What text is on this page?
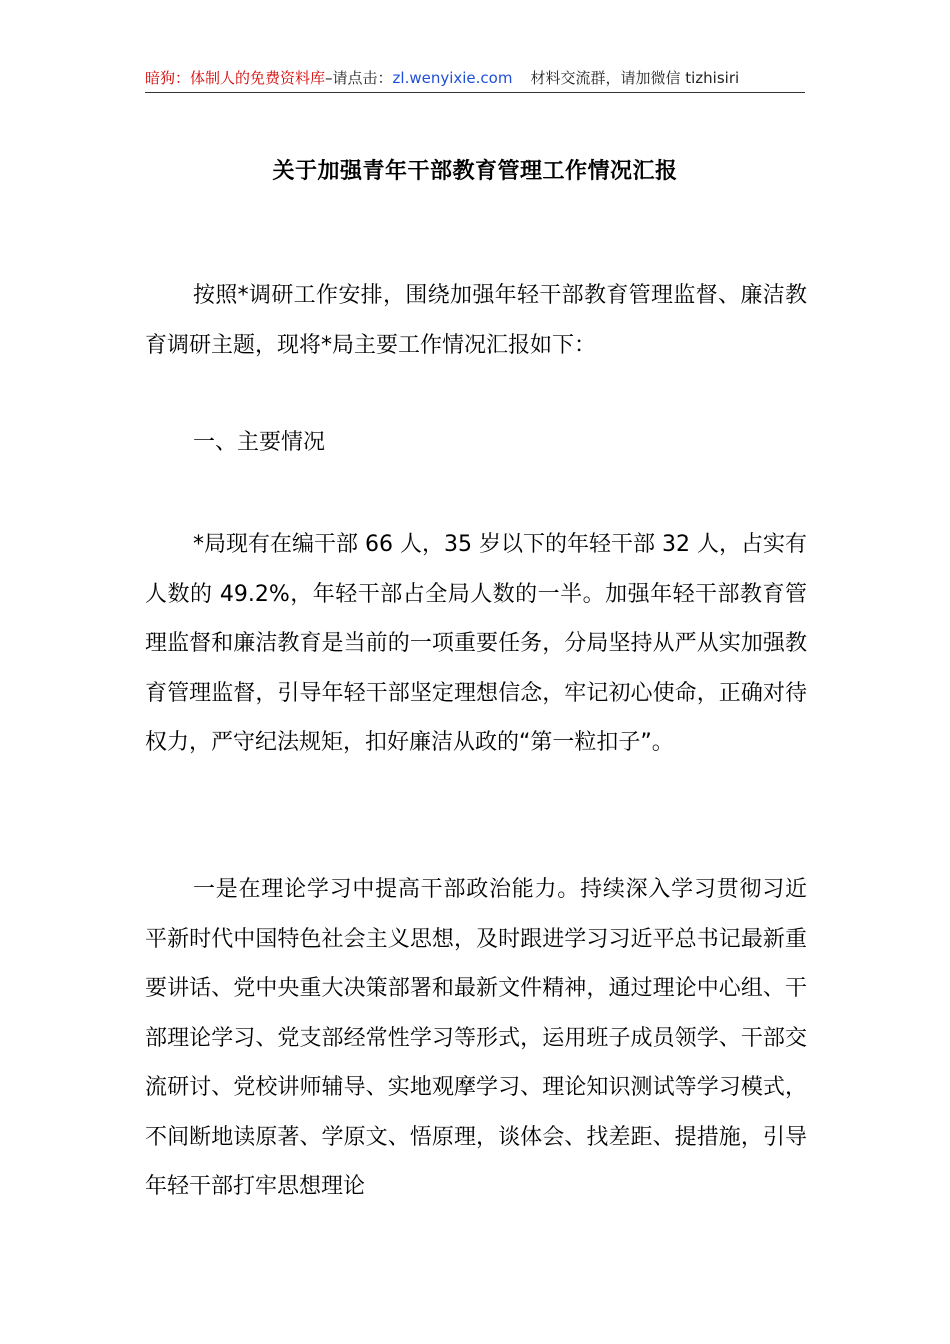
暗狗：体制人的免费资料库–请点击：zl.wenyixie.com 材料交流群，请加微信 tizhisiri
关于加强青年干部教育管理工作情况汇报

按照*调研工作安排，围绕加强年轻干部教育管理监督、廉洁教育调研主题，现将*局主要工作情况汇报如下：

一、主要情况

*局现有在编干部 66 人，35 岁以下的年轻干部 32 人，占实有人数的 49.2%，年轻干部占全局人数的一半。加强年轻干部教育管理监督和廉洁教育是当前的一项重要任务，分局坚持从严从实加强教育管理监督，引导年轻干部坚定理想信念，牢记初心使命，正确对待权力，严守纪法规矩，扣好廉洁从政的“第一粒扣子”。

一是在理论学习中提高干部政治能力。持续深入学习贯彻习近平新时代中国特色社会主义思想，及时跟进学习习近平总书记最新重要讲话、党中央重大决策部署和最新文件精神，通过理论中心组、干部理论学习、党支部经常性学习等形式，运用班子成员领学、干部交流研讨、党校讲师辅导、实地观摩学习、理论知识测试等学习模式，不间断地读原著、学原文、悟原理，谈体会、找差距、提措施，引导年轻干部打牢思想理论
